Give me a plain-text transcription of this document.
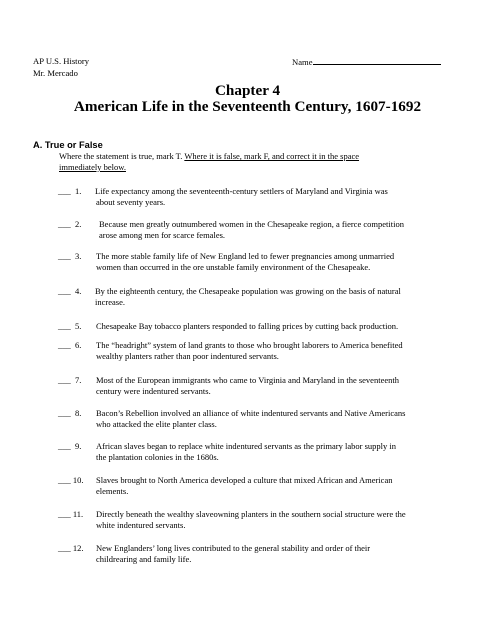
AP U.S. History
Mr. Mercado
Name
Chapter 4
American Life in the Seventeenth Century, 1607-1692
A. True or False
Where the statement is true, mark T. Where it is false, mark F, and correct it in the space
immediately below.
___  1. Life expectancy among the seventeenth-century settlers of Maryland and Virginia was
about seventy years.
___  2. Because men greatly outnumbered women in the Chesapeake region, a fierce competition
arose among men for scarce females.
___  3. The more stable family life of New England led to fewer pregnancies among unmarried
women than occurred in the ore unstable family environment of the Chesapeake.
___  4. By the eighteenth century, the Chesapeake population was growing on the basis of natural
increase.
___  5. Chesapeake Bay tobacco planters responded to falling prices by cutting back production.
___  6. The “headright” system of land grants to those who brought laborers to America benefited
wealthy planters rather than poor indentured servants.
___  7. Most of the European immigrants who came to Virginia and Maryland in the seventeenth
century were indentured servants.
___  8. Bacon’s Rebellion involved an alliance of white indentured servants and Native Americans
who attacked the elite planter class.
___  9. African slaves began to replace white indentured servants as the primary labor supply in
the plantation colonies in the 1680s.
___ 10. Slaves brought to North America developed a culture that mixed African and American
elements.
___ 11. Directly beneath the wealthy slaveowning planters in the southern social structure were the
white indentured servants.
___ 12. New Englanders’ long lives contributed to the general stability and order of their
childrearing and family life.
